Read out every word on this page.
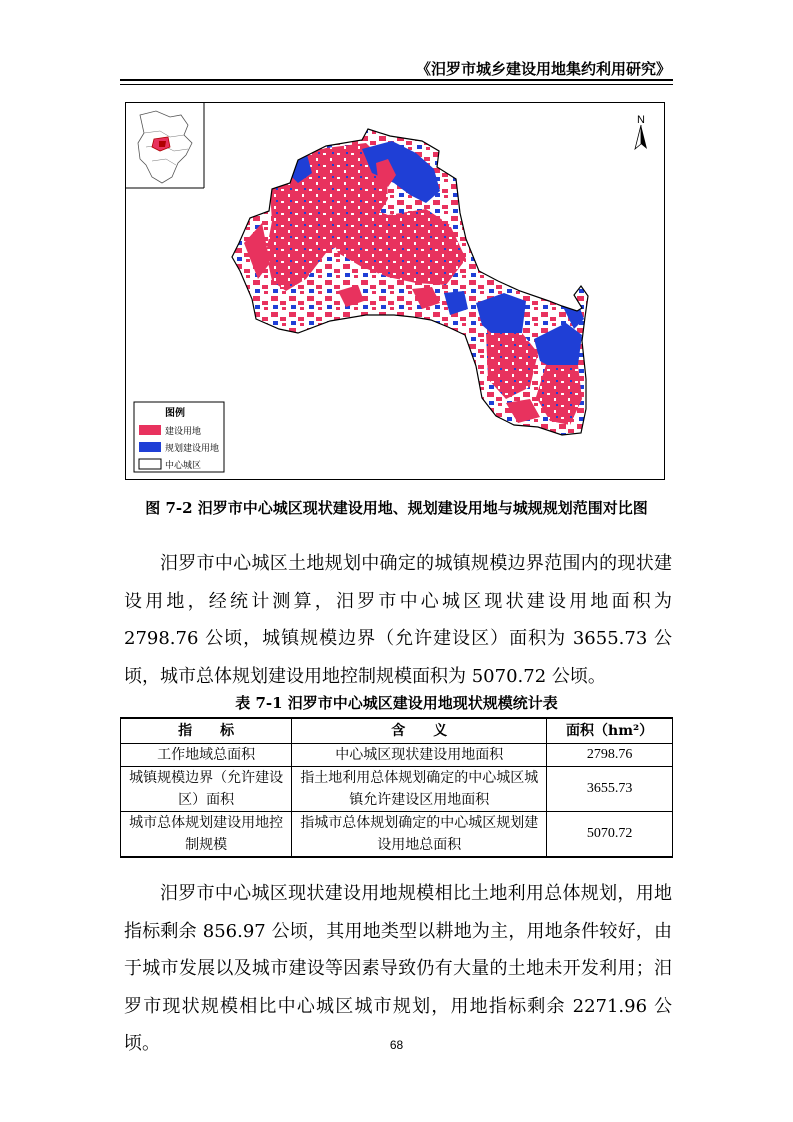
《汨罗市城乡建设用地集约利用研究》
N
图例
建设用地
规划建设用地
中心城区
图 7-2 汨罗市中心城区现状建设用地、规划建设用地与城规规划范围对比图

汨罗市中心城区土地规划中确定的城镇规模边界范围内的现状建设用地，经统计测算，汨罗市中心城区现状建设用地面积为 2798.76 公顷，城镇规模边界（允许建设区）面积为 3655.73 公顷，城市总体规划建设用地控制规模面积为 5070.72 公顷。

表 7-1 汨罗市中心城区建设用地现状规模统计表
指　　标	含　　义	面积（hm²）
工作地域总面积	中心城区现状建设用地面积	2798.76
城镇规模边界（允许建设区）面积	指土地利用总体规划确定的中心城区城镇允许建设区用地面积	3655.73
城市总体规划建设用地控制规模	指城市总体规划确定的中心城区规划建设用地总面积	5070.72

汨罗市中心城区现状建设用地规模相比土地利用总体规划，用地指标剩余 856.97 公顷，其用地类型以耕地为主，用地条件较好，由于城市发展以及城市建设等因素导致仍有大量的土地未开发利用；汨罗市现状规模相比中心城区城市规划，用地指标剩余 2271.96 公顷。	68
